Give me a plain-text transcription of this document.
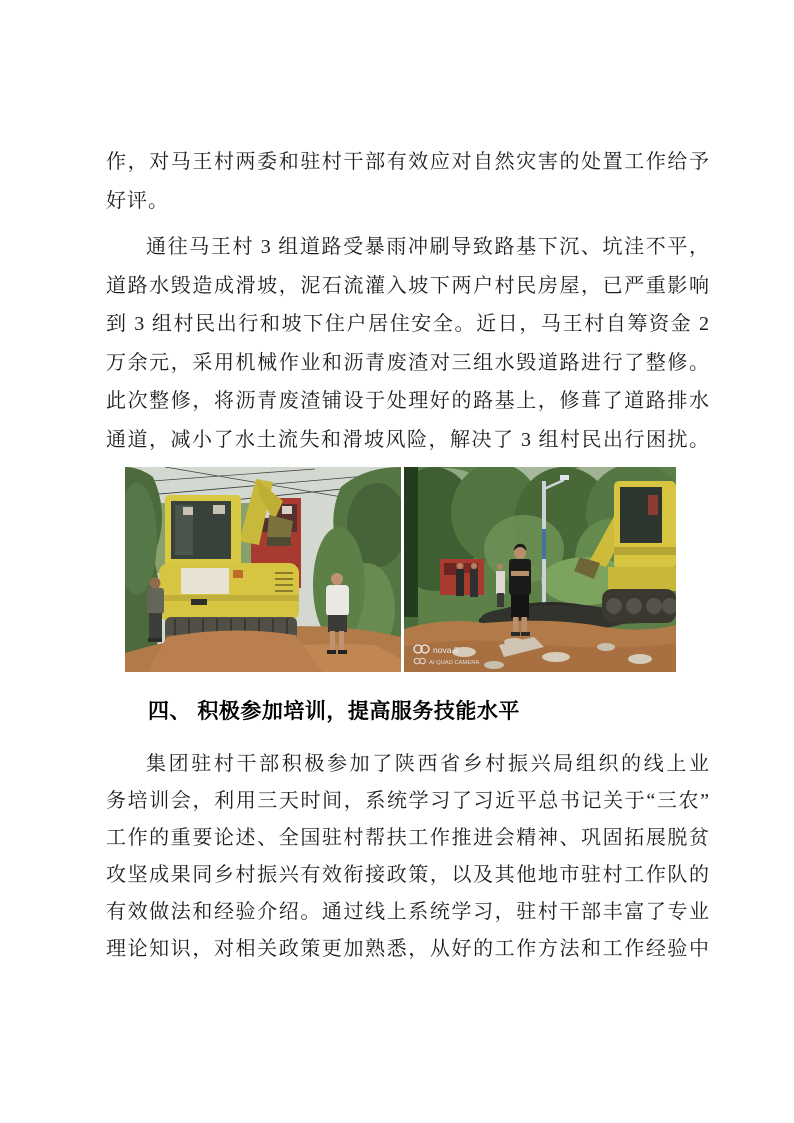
作，对马王村两委和驻村干部有效应对自然灾害的处置工作给予
好评。
通往马王村 3 组道路受暴雨冲刷导致路基下沉、坑洼不平，
道路水毁造成滑坡，泥石流灌入坡下两户村民房屋，已严重影响
到 3 组村民出行和坡下住户居住安全。近日，马王村自筹资金 2
万余元，采用机械作业和沥青废渣对三组水毁道路进行了整修。
此次整修，将沥青废渣铺设于处理好的路基上，修葺了道路排水
通道，减小了水土流失和滑坡风险，解决了 3 组村民出行困扰。
nova 8
AI QUAD CAMERA
四、 积极参加培训，提高服务技能水平
集团驻村干部积极参加了陕西省乡村振兴局组织的线上业
务培训会，利用三天时间，系统学习了习近平总书记关于“三农”
工作的重要论述、全国驻村帮扶工作推进会精神、巩固拓展脱贫
攻坚成果同乡村振兴有效衔接政策，以及其他地市驻村工作队的
有效做法和经验介绍。通过线上系统学习，驻村干部丰富了专业
理论知识，对相关政策更加熟悉，从好的工作方法和工作经验中
